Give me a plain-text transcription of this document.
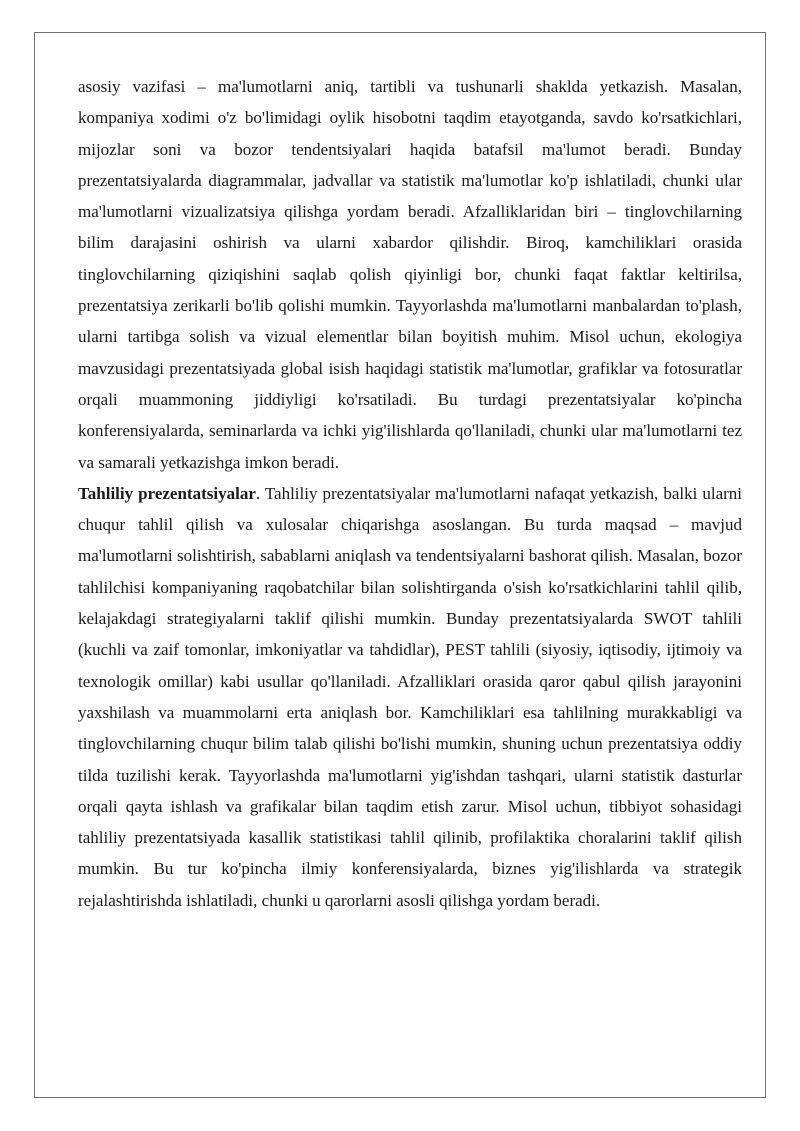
asosiy vazifasi – ma'lumotlarni aniq, tartibli va tushunarli shaklda yetkazish. Masalan, kompaniya xodimi o'z bo'limidagi oylik hisobotni taqdim etayotganda, savdo ko'rsatkichlari, mijozlar soni va bozor tendentsiyalari haqida batafsil ma'lumot beradi. Bunday prezentatsiyalarda diagrammalar, jadvallar va statistik ma'lumotlar ko'p ishlatiladi, chunki ular ma'lumotlarni vizualizatsiya qilishga yordam beradi. Afzalliklaridan biri – tinglovchilarning bilim darajasini oshirish va ularni xabardor qilishdir. Biroq, kamchiliklari orasida tinglovchilarning qiziqishini saqlab qolish qiyinligi bor, chunki faqat faktlar keltirilsa, prezentatsiya zerikarli bo'lib qolishi mumkin. Tayyorlashda ma'lumotlarni manbalardan to'plash, ularni tartibga solish va vizual elementlar bilan boyitish muhim. Misol uchun, ekologiya mavzusidagi prezentatsiyada global isish haqidagi statistik ma'lumotlar, grafiklar va fotosuratlar orqali muammoning jiddiyligi ko'rsatiladi. Bu turdagi prezentatsiyalar ko'pincha konferensiyalarda, seminarlarda va ichki yig'ilishlarda qo'llaniladi, chunki ular ma'lumotlarni tez va samarali yetkazishga imkon beradi.

Tahliliy prezentatsiyalar. Tahliliy prezentatsiyalar ma'lumotlarni nafaqat yetkazish, balki ularni chuqur tahlil qilish va xulosalar chiqarishga asoslangan. Bu turda maqsad – mavjud ma'lumotlarni solishtirish, sabablarni aniqlash va tendentsiyalarni bashorat qilish. Masalan, bozor tahlilchisi kompaniyaning raqobatchilar bilan solishtirganda o'sish ko'rsatkichlarini tahlil qilib, kelajakdagi strategiyalarni taklif qilishi mumkin. Bunday prezentatsiyalarda SWOT tahlili (kuchli va zaif tomonlar, imkoniyatlar va tahdidlar), PEST tahlili (siyosiy, iqtisodiy, ijtimoiy va texnologik omillar) kabi usullar qo'llaniladi. Afzalliklari orasida qaror qabul qilish jarayonini yaxshilash va muammolarni erta aniqlash bor. Kamchiliklari esa tahlilning murakkabligi va tinglovchilarning chuqur bilim talab qilishi bo'lishi mumkin, shuning uchun prezentatsiya oddiy tilda tuzilishi kerak. Tayyorlashda ma'lumotlarni yig'ishdan tashqari, ularni statistik dasturlar orqali qayta ishlash va grafikalar bilan taqdim etish zarur. Misol uchun, tibbiyot sohasidagi tahliliy prezentatsiyada kasallik statistikasi tahlil qilinib, profilaktika choralarini taklif qilish mumkin. Bu tur ko'pincha ilmiy konferensiyalarda, biznes yig'ilishlarda va strategik rejalashtirishda ishlatiladi, chunki u qarorlarni asosli qilishga yordam beradi.
